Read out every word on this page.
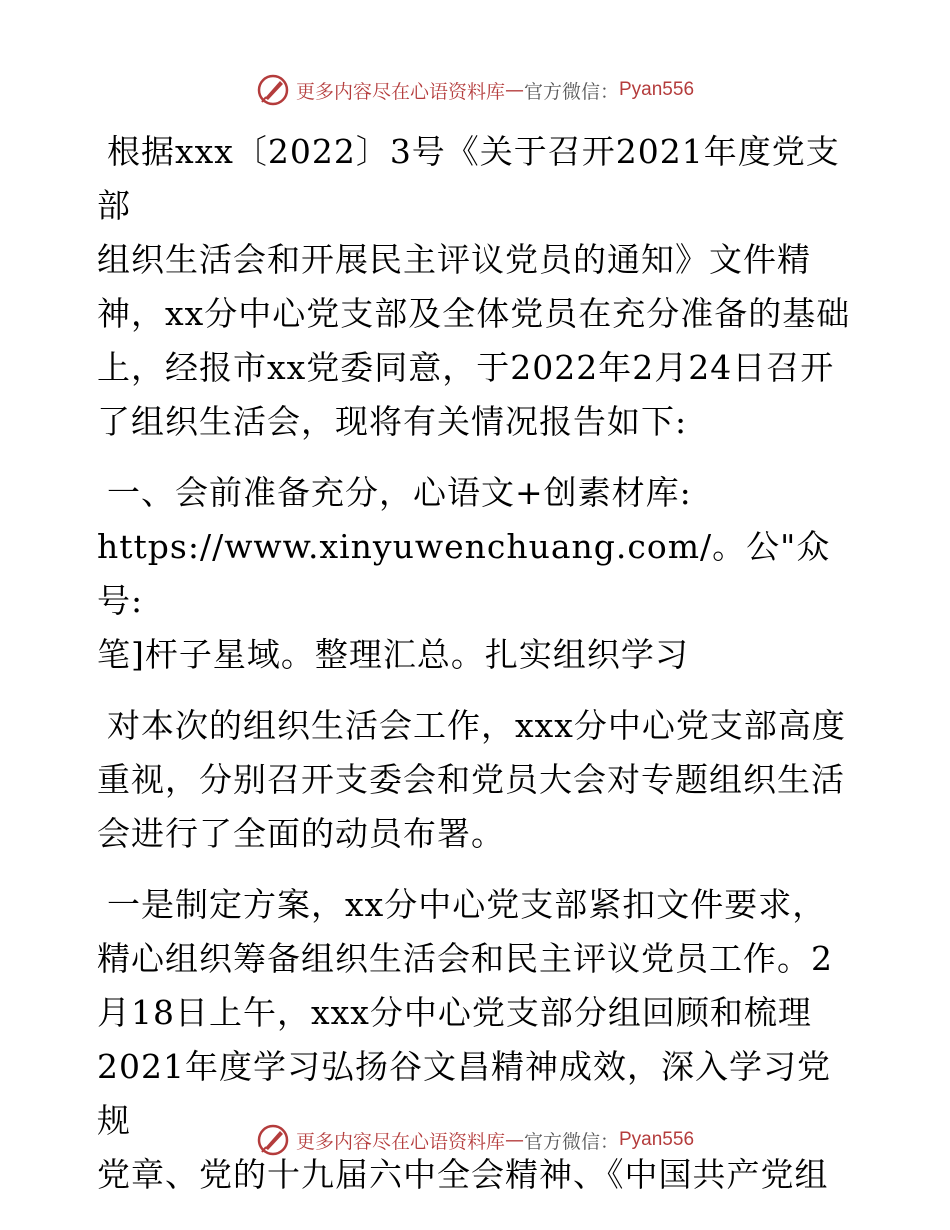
更多内容尽在心语资料库 — 官方微信： Pyan556

根据xxx〔2022〕3号《关于召开2021年度党支部
组织生活会和开展民主评议党员的通知》文件精
神，xx分中心党支部及全体党员在充分准备的基础
上，经报市xx党委同意，于2022年2月24日召开
了组织生活会，现将有关情况报告如下:

一、会前准备充分，心语文+创素材库:
https://www.xinyuwenchuang.com/。公"众号:
笔]杆子星域。整理汇总。扎实组织学习

对本次的组织生活会工作，xxx分中心党支部高度
重视，分别召开支委会和党员大会对专题组织生活
会进行了全面的动员布署。

一是制定方案，xx分中心党支部紧扣文件要求，
精心组织筹备组织生活会和民主评议党员工作。2
月18日上午，xxx分中心党支部分组回顾和梳理
2021年度学习弘扬谷文昌精神成效，深入学习党规
党章、党的十九届六中全会精神、《中国共产党组

更多内容尽在心语资料库 — 官方微信： Pyan556
